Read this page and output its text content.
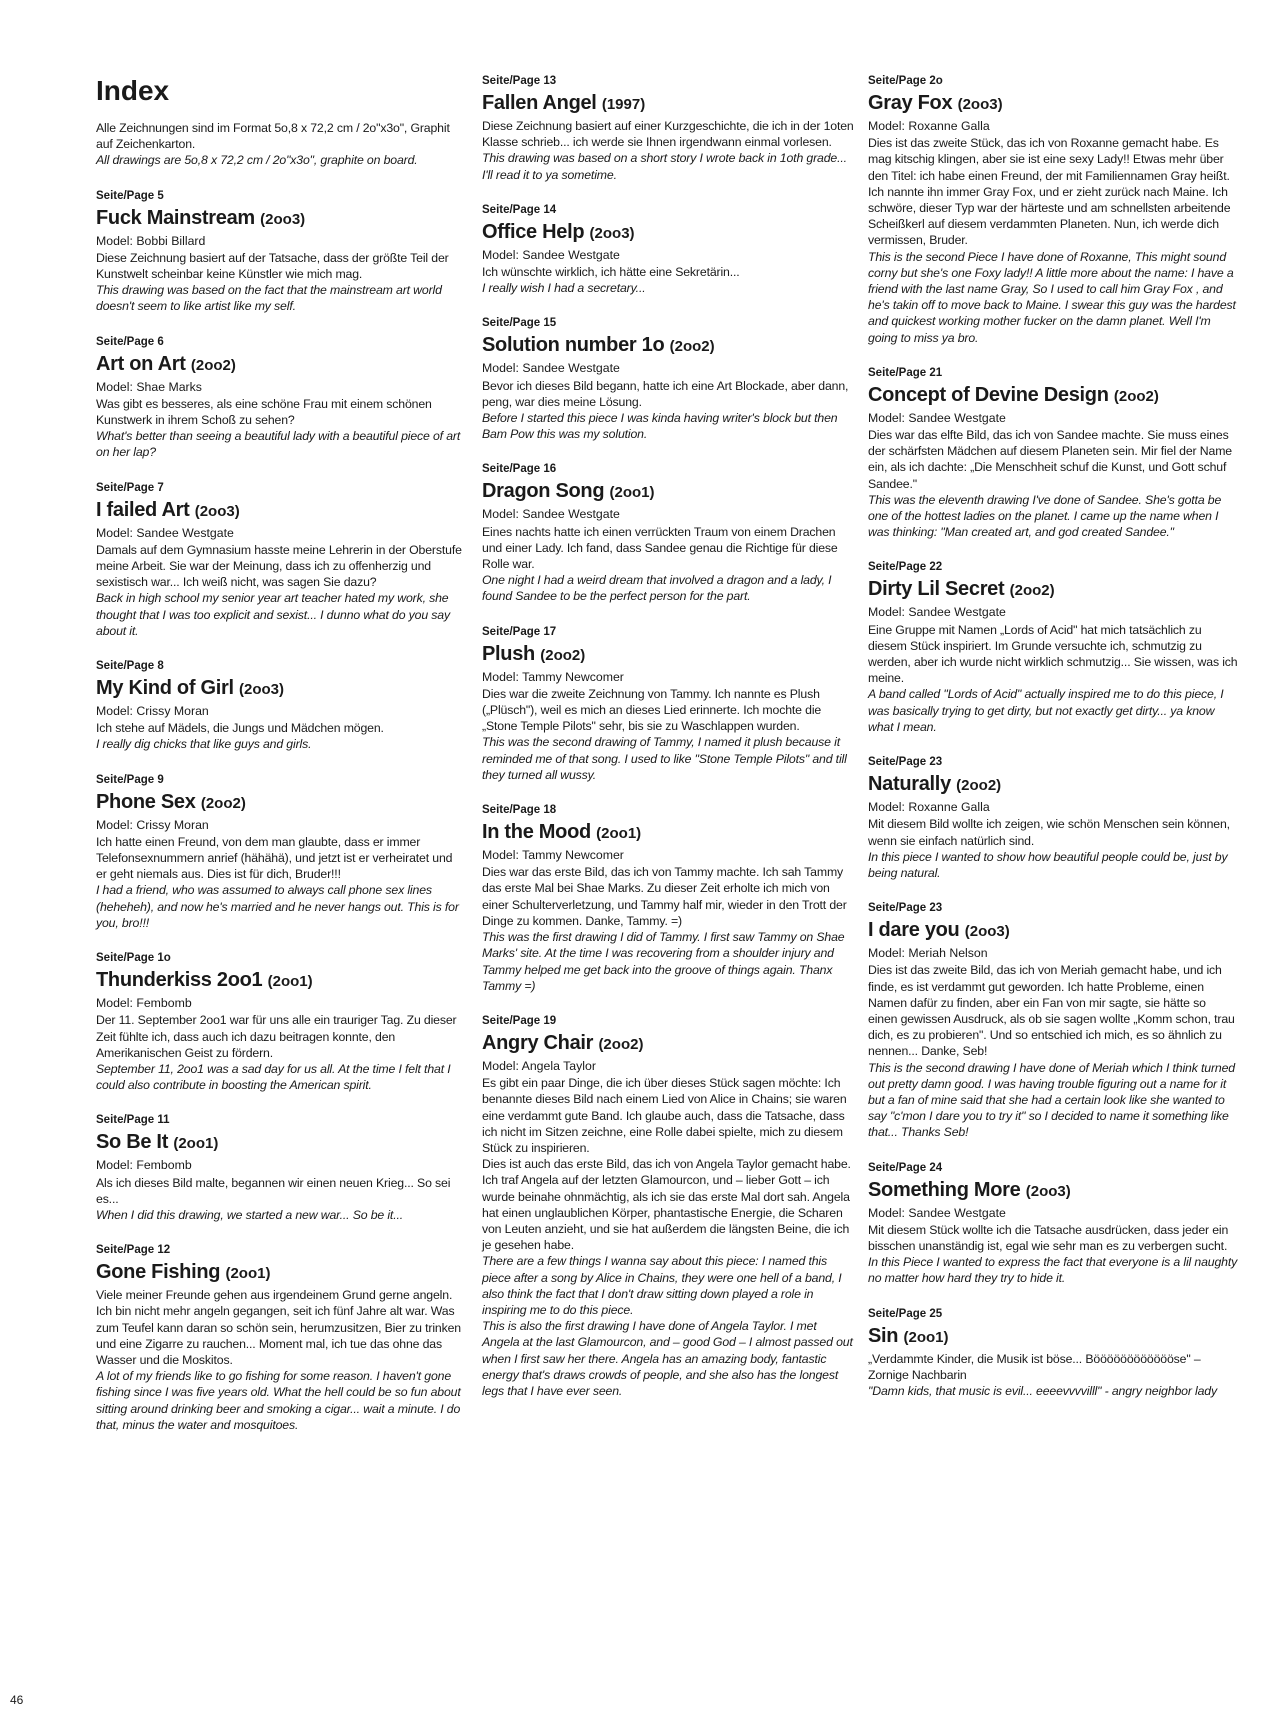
Index

Alle Zeichnungen sind im Format 5o,8 x 72,2 cm / 2o"x3o", Graphit auf Zeichenkarton.

All drawings are 5o,8 x 72,2 cm / 2o"x3o", graphite on board.

Seite/Page 5
Fuck Mainstream (2oo3)
Model: Bobbi Billard

Diese Zeichnung basiert auf der Tatsache, dass der größte Teil der Kunstwelt scheinbar keine Künstler wie mich mag.

This drawing was based on the fact that the mainstream art world doesn't seem to like artist like my self.

Seite/Page 6
Art on Art (2oo2)
Model: Shae Marks

Was gibt es besseres, als eine schöne Frau mit einem schönen Kunstwerk in ihrem Schoß zu sehen?

What's better than seeing a beautiful lady with a beautiful piece of art on her lap?

Seite/Page 7
I failed Art (2oo3)
Model: Sandee Westgate

Damals auf dem Gymnasium hasste meine Lehrerin in der Oberstufe meine Arbeit. Sie war der Meinung, dass ich zu offenherzig und sexistisch war... Ich weiß nicht, was sagen Sie dazu?

Back in high school my senior year art teacher hated my work, she thought that I was too explicit and sexist... I dunno what do you say about it.

Seite/Page 8
My Kind of Girl (2oo3)
Model: Crissy Moran

Ich stehe auf Mädels, die Jungs und Mädchen mögen.

I really dig chicks that like guys and girls.

Seite/Page 9
Phone Sex (2oo2)
Model: Crissy Moran

Ich hatte einen Freund, von dem man glaubte, dass er immer Telefonsexnummern anrief (hähähä), und jetzt ist er verheiratet und er geht niemals aus. Dies ist für dich, Bruder!!!

I had a friend, who was assumed to always call phone sex lines (heheheh), and now he's married and he never hangs out. This is for you, bro!!!

Seite/Page 1o
Thunderkiss 2oo1 (2oo1)
Model: Fembomb

Der 11. September 2oo1 war für uns alle ein trauriger Tag. Zu dieser Zeit fühlte ich, dass auch ich dazu beitragen konnte, den Amerikanischen Geist zu fördern.

September 11, 2oo1 was a sad day for us all. At the time I felt that I could also contribute in boosting the American spirit.

Seite/Page 11
So Be It (2oo1)
Model: Fembomb

Als ich dieses Bild malte, begannen wir einen neuen Krieg... So sei es...

When I did this drawing, we started a new war... So be it...

Seite/Page 12
Gone Fishing (2oo1)

Viele meiner Freunde gehen aus irgendeinem Grund gerne angeln. Ich bin nicht mehr angeln gegangen, seit ich fünf Jahre alt war. Was zum Teufel kann daran so schön sein, herumzusitzen, Bier zu trinken und eine Zigarre zu rauchen... Moment mal, ich tue das ohne das Wasser und die Moskitos.

A lot of my friends like to go fishing for some reason. I haven't gone fishing since I was five years old. What the hell could be so fun about sitting around drinking beer and smoking a cigar... wait a minute. I do that, minus the water and mosquitoes.

Seite/Page 13
Fallen Angel (1997)

Diese Zeichnung basiert auf einer Kurzgeschichte, die ich in der 1oten Klasse schrieb... ich werde sie Ihnen irgendwann einmal vorlesen.

This drawing was based on a short story I wrote back in 1oth grade... I'll read it to ya sometime.

Seite/Page 14
Office Help (2oo3)
Model: Sandee Westgate

Ich wünschte wirklich, ich hätte eine Sekretärin...

I really wish I had a secretary...

Seite/Page 15
Solution number 1o (2oo2)
Model: Sandee Westgate

Bevor ich dieses Bild begann, hatte ich eine Art Blockade, aber dann, peng, war dies meine Lösung.

Before I started this piece I was kinda having writer's block but then Bam Pow this was my solution.

Seite/Page 16
Dragon Song (2oo1)
Model: Sandee Westgate

Eines nachts hatte ich einen verrückten Traum von einem Drachen und einer Lady. Ich fand, dass Sandee genau die Richtige für diese Rolle war.

One night I had a weird dream that involved a dragon and a lady, I found Sandee to be the perfect person for the part.

Seite/Page 17
Plush (2oo2)
Model: Tammy Newcomer

Dies war die zweite Zeichnung von Tammy. Ich nannte es Plush („Plüsch"), weil es mich an dieses Lied erinnerte. Ich mochte die „Stone Temple Pilots" sehr, bis sie zu Waschlappen wurden.

This was the second drawing of Tammy, I named it plush because it reminded me of that song. I used to like "Stone Temple Pilots" and till they turned all wussy.

Seite/Page 18
In the Mood (2oo1)
Model: Tammy Newcomer

Dies war das erste Bild, das ich von Tammy machte. Ich sah Tammy das erste Mal bei Shae Marks. Zu dieser Zeit erholte ich mich von einer Schulterverletzung, und Tammy half mir, wieder in den Trott der Dinge zu kommen. Danke, Tammy. =)

This was the first drawing I did of Tammy. I first saw Tammy on Shae Marks' site. At the time I was recovering from a shoulder injury and Tammy helped me get back into the groove of things again. Thanx Tammy =)

Seite/Page 19
Angry Chair (2oo2)
Model: Angela Taylor

Es gibt ein paar Dinge, die ich über dieses Stück sagen möchte: Ich benannte dieses Bild nach einem Lied von Alice in Chains; sie waren eine verdammt gute Band. Ich glaube auch, dass die Tatsache, dass ich nicht im Sitzen zeichne, eine Rolle dabei spielte, mich zu diesem Stück zu inspirieren.

Dies ist auch das erste Bild, das ich von Angela Taylor gemacht habe. Ich traf Angela auf der letzten Glamourcon, und – lieber Gott – ich wurde beinahe ohnmächtig, als ich sie das erste Mal dort sah. Angela hat einen unglaublichen Körper, phantastische Energie, die Scharen von Leuten anzieht, und sie hat außerdem die längsten Beine, die ich je gesehen habe.

There are a few things I wanna say about this piece: I named this piece after a song by Alice in Chains, they were one hell of a band, I also think the fact that I don't draw sitting down played a role in inspiring me to do this piece.

This is also the first drawing I have done of Angela Taylor. I met Angela at the last Glamourcon, and – good God – I almost passed out when I first saw her there. Angela has an amazing body, fantastic energy that's draws crowds of people, and she also has the longest legs that I have ever seen.

Seite/Page 2o
Gray Fox (2oo3)
Model: Roxanne Galla

Dies ist das zweite Stück, das ich von Roxanne gemacht habe. Es mag kitschig klingen, aber sie ist eine sexy Lady!! Etwas mehr über den Titel: ich habe einen Freund, der mit Familiennamen Gray heißt. Ich nannte ihn immer Gray Fox, und er zieht zurück nach Maine. Ich schwöre, dieser Typ war der härteste und am schnellsten arbeitende Scheißkerl auf diesem verdammten Planeten. Nun, ich werde dich vermissen, Bruder.

This is the second Piece I have done of Roxanne, This might sound corny but she's one Foxy lady!! A little more about the name: I have a friend with the last name Gray, So I used to call him Gray Fox , and he's takin off to move back to Maine. I swear this guy was the hardest and quickest working mother fucker on the damn planet. Well I'm going to miss ya bro.

Seite/Page 21
Concept of Devine Design (2oo2)
Model: Sandee Westgate

Dies war das elfte Bild, das ich von Sandee machte. Sie muss eines der schärfsten Mädchen auf diesem Planeten sein. Mir fiel der Name ein, als ich dachte: „Die Menschheit schuf die Kunst, und Gott schuf Sandee."

This was the eleventh drawing I've done of Sandee. She's gotta be one of the hottest ladies on the planet. I came up the name when I was thinking: "Man created art, and god created Sandee."

Seite/Page 22
Dirty Lil Secret (2oo2)
Model: Sandee Westgate

Eine Gruppe mit Namen „Lords of Acid" hat mich tatsächlich zu diesem Stück inspiriert. Im Grunde versuchte ich, schmutzig zu werden, aber ich wurde nicht wirklich schmutzig... Sie wissen, was ich meine.

A band called "Lords of Acid" actually inspired me to do this piece, I was basically trying to get dirty, but not exactly get dirty... ya know what I mean.

Seite/Page 23
Naturally (2oo2)
Model: Roxanne Galla

Mit diesem Bild wollte ich zeigen, wie schön Menschen sein können, wenn sie einfach natürlich sind.

In this piece I wanted to show how beautiful people could be, just by being natural.

Seite/Page 23
I dare you (2oo3)
Model: Meriah Nelson

Dies ist das zweite Bild, das ich von Meriah gemacht habe, und ich finde, es ist verdammt gut geworden. Ich hatte Probleme, einen Namen dafür zu finden, aber ein Fan von mir sagte, sie hätte so einen gewissen Ausdruck, als ob sie sagen wollte „Komm schon, trau dich, es zu probieren". Und so entschied ich mich, es so ähnlich zu nennen... Danke, Seb!

This is the second drawing I have done of Meriah which I think turned out pretty damn good. I was having trouble figuring out a name for it but a fan of mine said that she had a certain look like she wanted to say "c'mon I dare you to try it" so I decided to name it something like that... Thanks Seb!

Seite/Page 24
Something More (2oo3)
Model: Sandee Westgate

Mit diesem Stück wollte ich die Tatsache ausdrücken, dass jeder ein bisschen unanständig ist, egal wie sehr man es zu verbergen sucht.

In this Piece I wanted to express the fact that everyone is a lil naughty no matter how hard they try to hide it.

Seite/Page 25
Sin (2oo1)

„Verdammte Kinder, die Musik ist böse... Bööööööööööööse" – Zornige Nachbarin

"Damn kids, that music is evil... eeeevvvvilll" - angry neighbor lady

46
